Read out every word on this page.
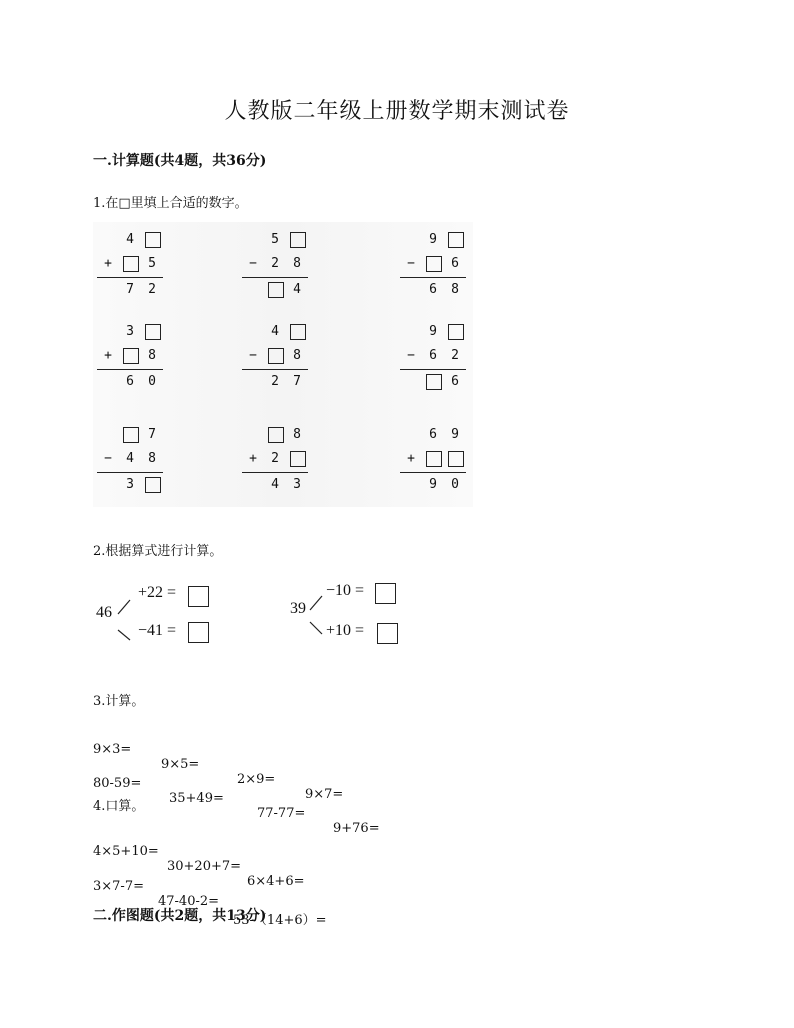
人教版二年级上册数学期末测试卷
一.计算题(共4题，共36分)
1.在□里填上合适的数字。
4
+	5
7 2
5
− 2 8
4
9
−	6
6 8
3
+	8
6 0
4
−	8
2 7
9
− 6 2
6
7
− 4 8
3
8
+ 2
4 3
6 9
+
9 0
2.根据算式进行计算。
46
+22 =
−41 =
39
−10 =
+10 =
3.计算。

9×3=

9×5=

2×9=

9×7=

80-59=

35+49=

77-77=

9+76=

4.口算。

4×5+10=

30+20+7=

6×4+6=

3×7-7=

47-40-2=

53-（14+6）=

二.作图题(共2题，共13分)
